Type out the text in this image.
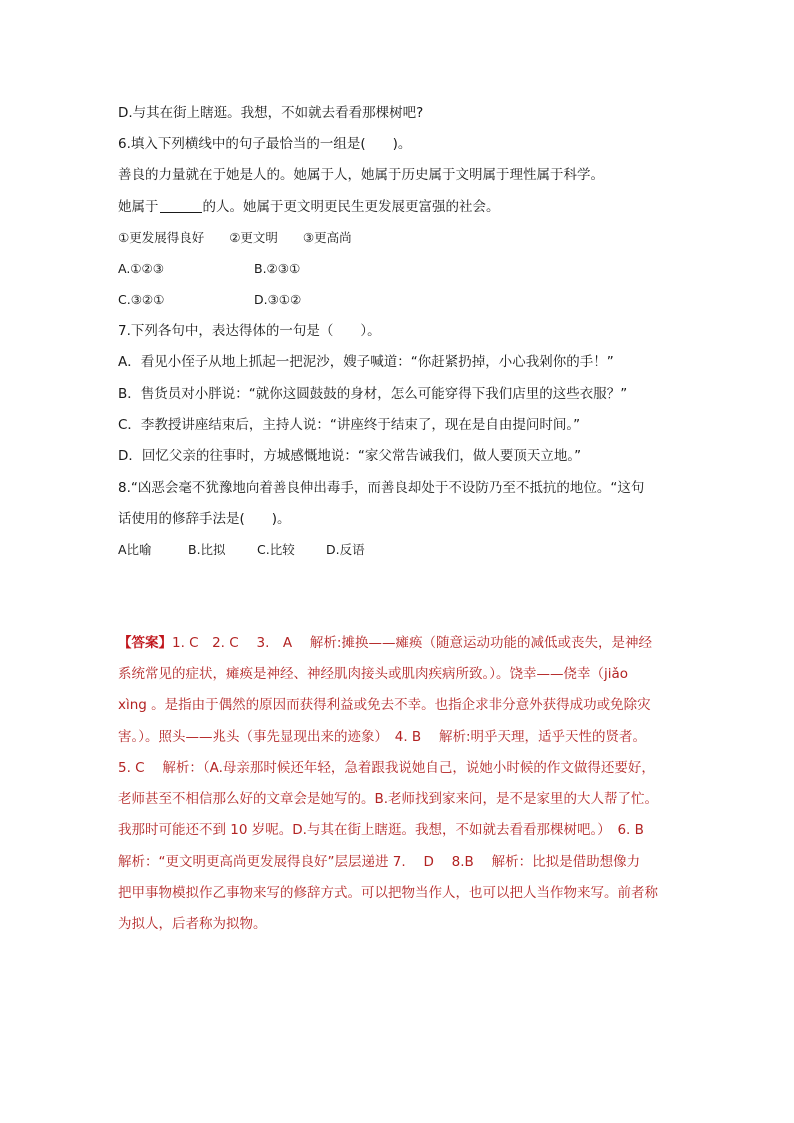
D.与其在街上瞎逛。我想，不如就去看看那棵树吧?
6.填入下列横线中的句子最恰当的一组是(　　)。
善良的力量就在于她是人的。她属于人，她属于历史属于文明属于理性属于科学。
她属于	的人。她属于更文明更民生更发展更富强的社会。
①更发展得良好　　②更文明　　③更高尚
A.①②③	B.②③①
C.③②①	D.③①②
7.下列各句中，表达得体的一句是（　　）。
A．看见小侄子从地上抓起一把泥沙，嫂子喊道：“你赶紧扔掉，小心我剁你的手！”
B．售货员对小胖说：“就你这圆鼓鼓的身材，怎么可能穿得下我们店里的这些衣服？”
C．李教授讲座结束后，主持人说：“讲座终于结束了，现在是自由提问时间。”
D．回忆父亲的往事时，方城感慨地说：“家父常告诫我们，做人要顶天立地。”
8.“凶恶会毫不犹豫地向着善良伸出毒手，而善良却处于不设防乃至不抵抗的地位。“这句
话使用的修辞手法是(　　)。
A比喻	B.比拟	C.比较	D.反语
【答案】1. C　2. C　 3.　A　 解析:摊换——瘫痪（随意运动功能的减低或丧失，是神经
系统常见的症状，瘫痪是神经、神经肌肉接头或肌肉疾病所致。）。饶幸——侥幸（jiǎo
xìng 。是指由于偶然的原因而获得利益或免去不幸。也指企求非分意外获得成功或免除灾
害。）。照头——兆头（事先显现出来的迹象）　4. B　 解析:明乎天理，适乎天性的贤者。
5. C　 解析：（A.母亲那时候还年轻，急着跟我说她自己，说她小时候的作文做得还要好，
老师甚至不相信那么好的文章会是她写的。B.老师找到家来问，是不是家里的大人帮了忙。
我那时可能还不到 10 岁呢。D.与其在街上瞎逛。我想，不如就去看看那棵树吧。）　6. B
解析：“更文明更高尚更发展得良好”层层递进 7.　 D　 8.B　 解析：比拟是借助想像力
把甲事物模拟作乙事物来写的修辞方式。可以把物当作人，也可以把人当作物来写。前者称
为拟人，后者称为拟物。
